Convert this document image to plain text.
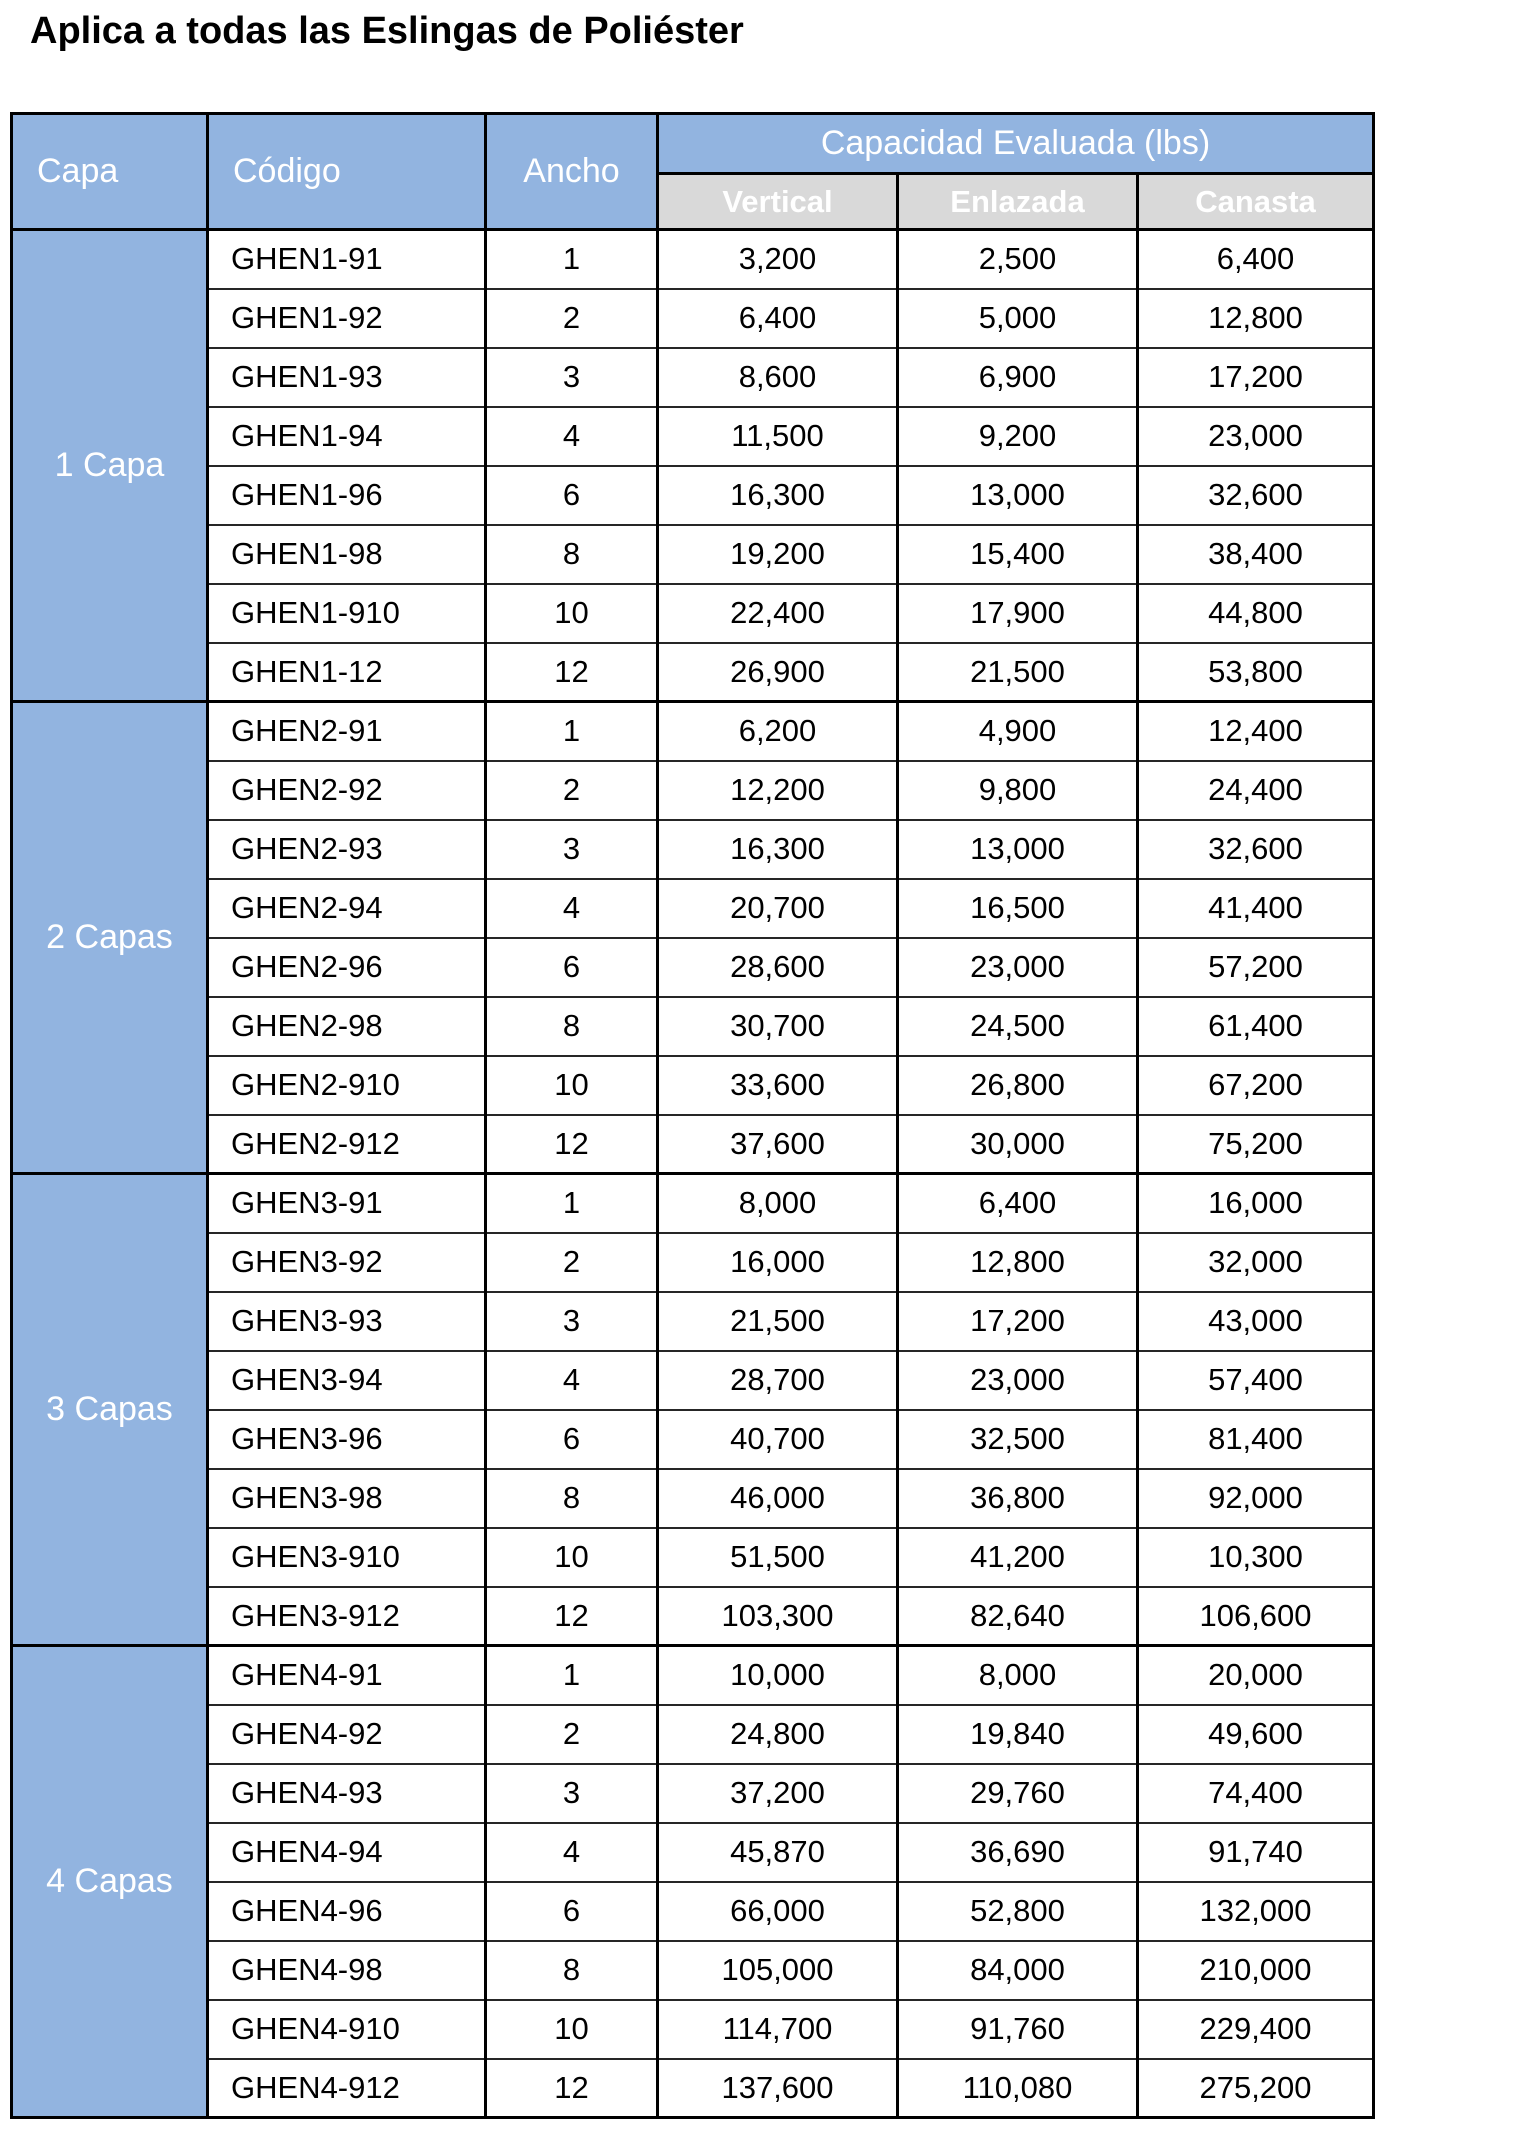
Aplica a todas las Eslingas de Poliéster
Capa	Código	Ancho	Capacidad Evaluada (lbs)		
			Vertical	Enlazada	Canasta
1 Capa	GHEN1-91	1	3,200	2,500	6,400
	GHEN1-92	2	6,400	5,000	12,800
	GHEN1-93	3	8,600	6,900	17,200
	GHEN1-94	4	11,500	9,200	23,000
	GHEN1-96	6	16,300	13,000	32,600
	GHEN1-98	8	19,200	15,400	38,400
	GHEN1-910	10	22,400	17,900	44,800
	GHEN1-12	12	26,900	21,500	53,800
2 Capas	GHEN2-91	1	6,200	4,900	12,400
	GHEN2-92	2	12,200	9,800	24,400
	GHEN2-93	3	16,300	13,000	32,600
	GHEN2-94	4	20,700	16,500	41,400
	GHEN2-96	6	28,600	23,000	57,200
	GHEN2-98	8	30,700	24,500	61,400
	GHEN2-910	10	33,600	26,800	67,200
	GHEN2-912	12	37,600	30,000	75,200
3 Capas	GHEN3-91	1	8,000	6,400	16,000
	GHEN3-92	2	16,000	12,800	32,000
	GHEN3-93	3	21,500	17,200	43,000
	GHEN3-94	4	28,700	23,000	57,400
	GHEN3-96	6	40,700	32,500	81,400
	GHEN3-98	8	46,000	36,800	92,000
	GHEN3-910	10	51,500	41,200	10,300
	GHEN3-912	12	103,300	82,640	106,600
4 Capas	GHEN4-91	1	10,000	8,000	20,000
	GHEN4-92	2	24,800	19,840	49,600
	GHEN4-93	3	37,200	29,760	74,400
	GHEN4-94	4	45,870	36,690	91,740
	GHEN4-96	6	66,000	52,800	132,000
	GHEN4-98	8	105,000	84,000	210,000
	GHEN4-910	10	114,700	91,760	229,400
	GHEN4-912	12	137,600	110,080	275,200
